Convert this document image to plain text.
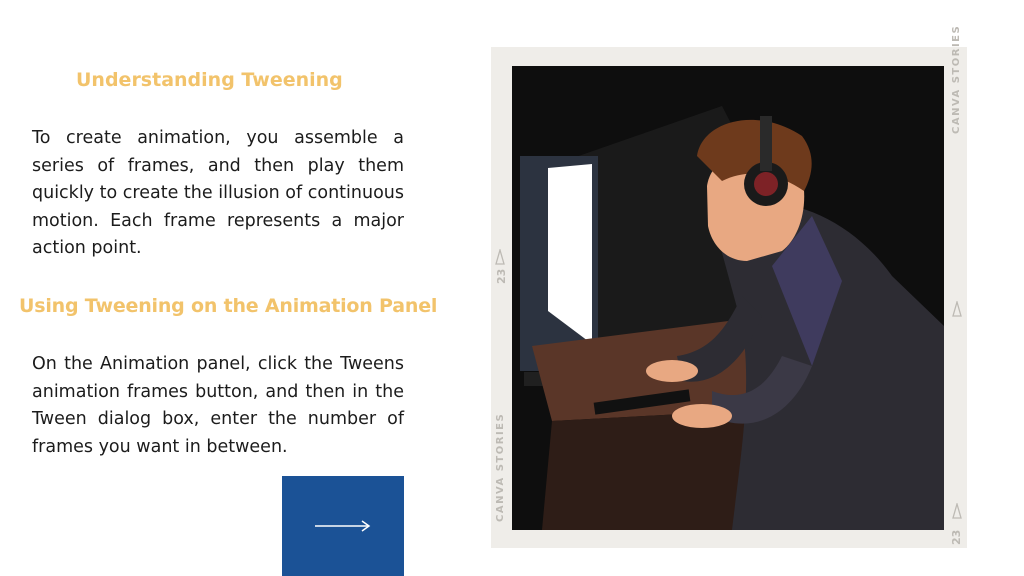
Understanding Tweening

To create animation, you assemble a series of frames, and then play them quickly to create the illusion of continuous motion. Each frame represents a major action point.

Using Tweening on the Animation Panel

On the Animation panel, click the Tweens animation frames button, and then in the Tween dialog box, enter the number of frames you want in between.

CANVA STORIES
CANVA STORIES
23
23
